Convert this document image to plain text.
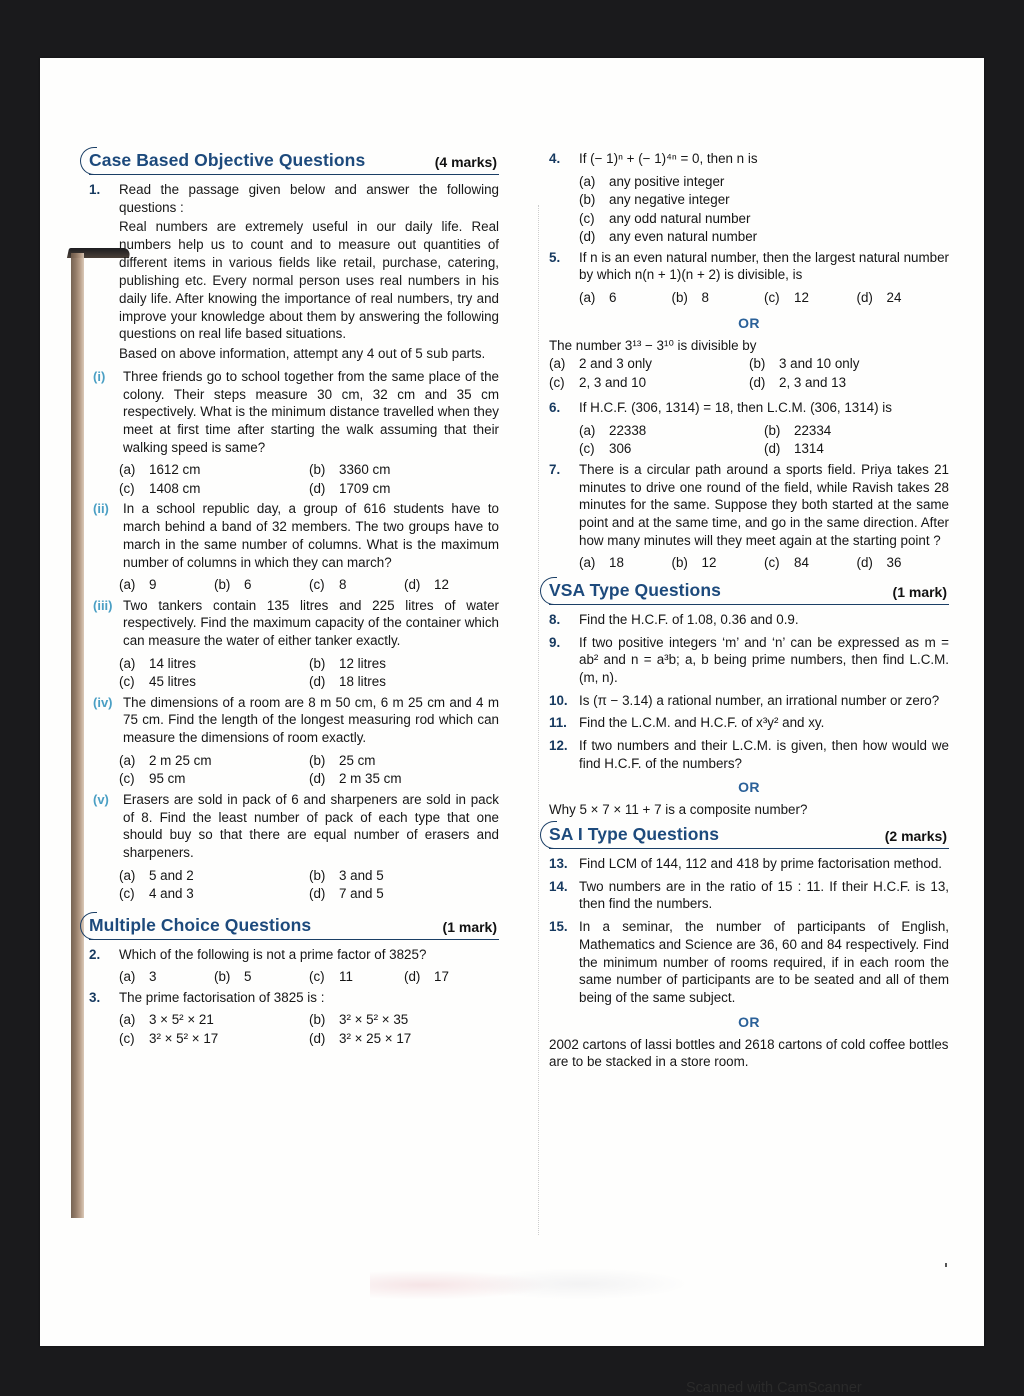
Case Based Objective Questions	(4 marks)
1.	Read the passage given below and answer the following questions :
Real numbers are extremely useful in our daily life. Real numbers help us to count and to measure out quantities of different items in various fields like retail, purchase, catering, publishing etc. Every normal person uses real numbers in his daily life. After knowing the importance of real numbers, try and improve your knowledge about them by answering the following questions on real life based situations.
Based on above information, attempt any 4 out of 5 sub parts.
(i)	Three friends go to school together from the same place of the colony. Their steps measure 30 cm, 32 cm and 35 cm respectively. What is the minimum distance travelled when they meet at first time after starting the walk assuming that their walking speed is same?
(a)	1612 cm	(b)	3360 cm
(c)	1408 cm	(d)	1709 cm
(ii)	In a school republic day, a group of 616 students have to march behind a band of 32 members. The two groups have to march in the same number of columns. What is the maximum number of columns in which they can march?
(a)	9	(b)	6	(c)	8	(d)	12
(iii) Two tankers contain 135 litres and 225 litres of water respectively. Find the maximum capacity of the container which can measure the water of either tanker exactly.
(a)	14 litres	(b)	12 litres
(c)	45 litres	(d)	18 litres
(iv) The dimensions of a room are 8 m 50 cm, 6 m 25 cm and 4 m 75 cm. Find the length of the longest measuring rod which can measure the dimensions of room exactly.
(a)	2 m 25 cm	(b)	25 cm
(c)	95 cm	(d)	2 m 35 cm
(v)	Erasers are sold in pack of 6 and sharpeners are sold in pack of 8. Find the least number of pack of each type that one should buy so that there are equal number of erasers and sharpeners.
(a)	5 and 2	(b)	3 and 5
(c)	4 and 3	(d)	7 and 5
Multiple Choice Questions	(1 mark)
2.	Which of the following is not a prime factor of 3825?
(a)	3	(b)	5	(c)	11	(d)	17
3.	The prime factorisation of 3825 is :
(a)	3 × 5² × 21	(b)	3² × 5² × 35
(c)	3² × 5² × 17	(d)	3² × 25 × 17
4.	If (− 1)ⁿ + (− 1)⁴ⁿ = 0, then n is
(a)	any positive integer
(b)	any negative integer
(c)	any odd natural number
(d)	any even natural number
5.	If n is an even natural number, then the largest natural number by which n(n + 1)(n + 2) is divisible, is
(a)	6	(b)	8	(c)	12	(d)	24
OR
The number 3¹³ − 3¹⁰ is divisible by
(a)	2 and 3 only	(b)	3 and 10 only
(c)	2, 3 and 10	(d)	2, 3 and 13
6.	If H.C.F. (306, 1314) = 18, then L.C.M. (306, 1314) is
(a)	22338	(b)	22334
(c)	306	(d)	1314
7.	There is a circular path around a sports field. Priya takes 21 minutes to drive one round of the field, while Ravish takes 28 minutes for the same. Suppose they both started at the same point and at the same time, and go in the same direction. After how many minutes will they meet again at the starting point ?
(a)	18	(b)	12	(c)	84	(d)	36
VSA Type Questions	(1 mark)
8.	Find the H.C.F. of 1.08, 0.36 and 0.9.
9.	If two positive integers ‘m’ and ‘n’ can be expressed as m = ab² and n = a³b; a, b being prime numbers, then find L.C.M. (m, n).
10. Is (π − 3.14) a rational number, an irrational number or zero?
11. Find the L.C.M. and H.C.F. of x³y² and xy.
12. If two numbers and their L.C.M. is given, then how would we find H.C.F. of the numbers?
OR
Why 5 × 7 × 11 + 7 is a composite number?
SA I Type Questions	(2 marks)
13. Find LCM of 144, 112 and 418 by prime factorisation method.
14. Two numbers are in the ratio of 15 : 11. If their H.C.F. is 13, then find the numbers.
15. In a seminar, the number of participants of English, Mathematics and Science are 36, 60 and 84 respectively. Find the minimum number of rooms required, if in each room the same number of participants are to be seated and all of them being of the same subject.
OR
2002 cartons of lassi bottles and 2618 cartons of cold coffee bottles are to be stacked in a store room.
Scanned with CamScanner
